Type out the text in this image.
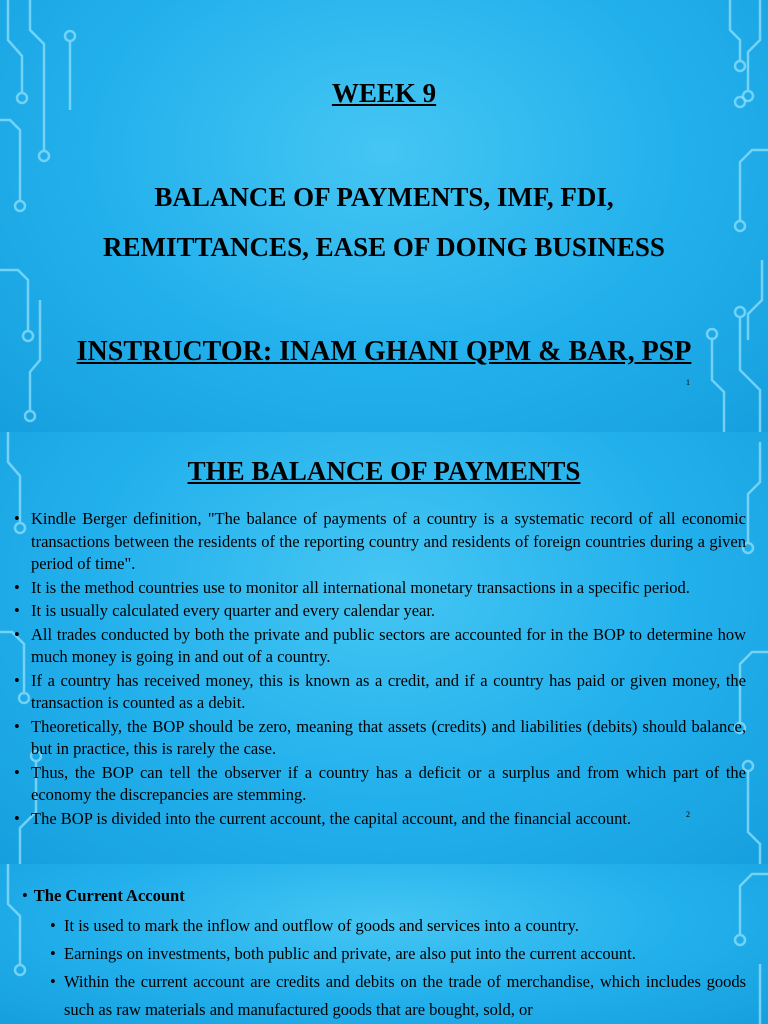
WEEK 9
BALANCE OF PAYMENTS, IMF, FDI,
REMITTANCES, EASE OF DOING BUSINESS
INSTRUCTOR: INAM GHANI QPM & BAR, PSP
1
THE BALANCE OF PAYMENTS
• Kindle Berger definition, "The balance of payments of a country is a systematic record of all economic transactions between the residents of the reporting country and residents of foreign countries during a given period of time".
• It is the method countries use to monitor all international monetary transactions in a specific period.
• It is usually calculated every quarter and every calendar year.
• All trades conducted by both the private and public sectors are accounted for in the BOP to determine how much money is going in and out of a country.
• If a country has received money, this is known as a credit, and if a country has paid or given money, the transaction is counted as a debit.
• Theoretically, the BOP should be zero, meaning that assets (credits) and liabilities (debits) should balance, but in practice, this is rarely the case.
• Thus, the BOP can tell the observer if a country has a deficit or a surplus and from which part of the economy the discrepancies are stemming.
• The BOP is divided into the current account, the capital account, and the financial account.	2
• The Current Account
• It is used to mark the inflow and outflow of goods and services into a country.
• Earnings on investments, both public and private, are also put into the current account.
• Within the current account are credits and debits on the trade of merchandise, which includes goods such as raw materials and manufactured goods that are bought, sold, or
